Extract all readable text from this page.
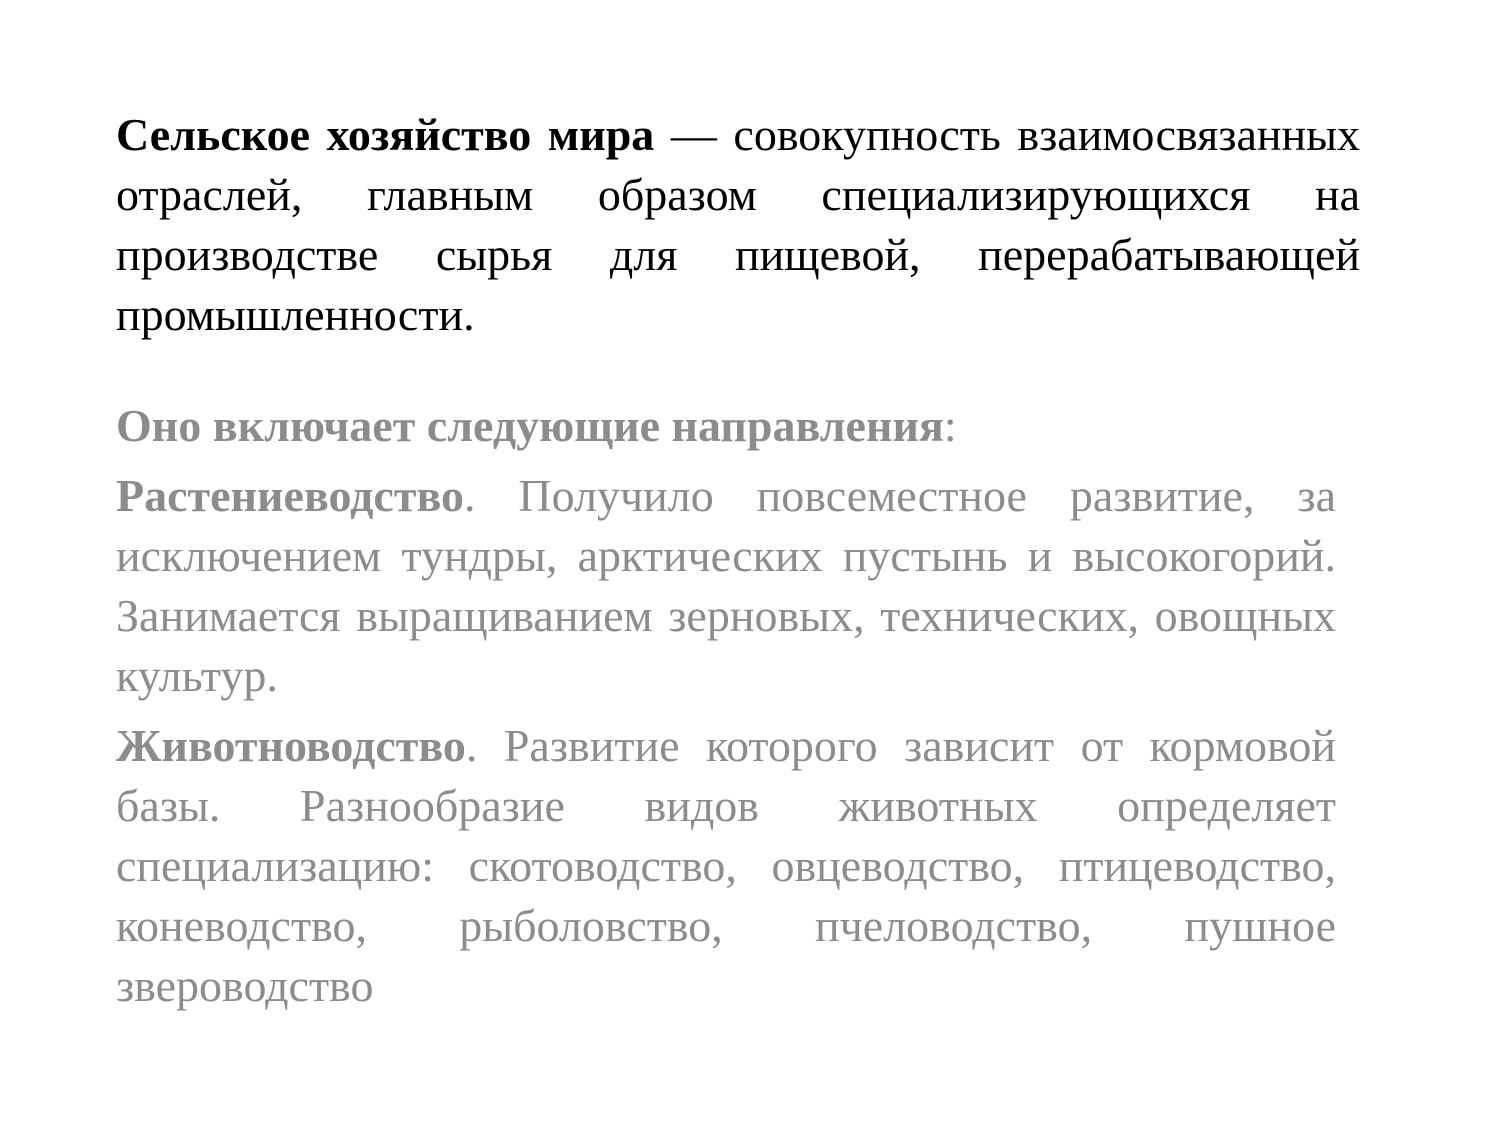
Сельское хозяйство мира — совокупность взаимосвязанных отраслей, главным образом специализирующихся на производстве сырья для пищевой, перерабатывающей промышленности.

Оно включает следующие направления:

Растениеводство. Получило повсеместное развитие, за исключением тундры, арктических пустынь и высокогорий. Занимается выращиванием зерновых, технических, овощных культур.

Животноводство. Развитие которого зависит от кормовой базы. Разнообразие видов животных определяет специализацию: скотоводство, овцеводство, птицеводство, коневодство, рыболовство, пчеловодство, пушное звероводство
